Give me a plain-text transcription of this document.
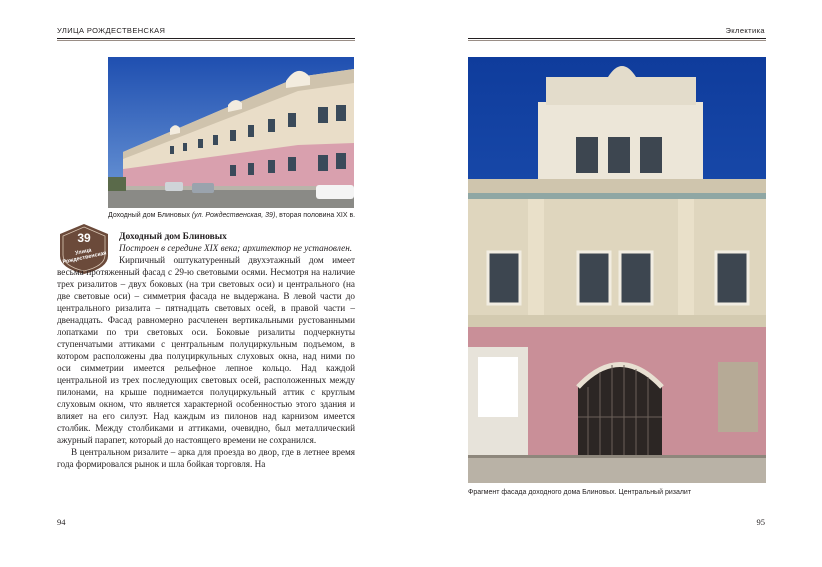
УЛИЦА РОЖДЕСТВЕНСКАЯ
Доходный дом Блиновых (ул. Рождественская, 39), вторая половина XIX в.
39
Улица Рождественская
Доходный дом Блиновых
Построен в середине XIX века; архитектор не установлен.

Кирпичный оштукатуренный двухэтажный дом имеет весьма протяженный фасад с 29-ю световыми осями. Несмотря на наличие трех ризалитов – двух боковых (на три световых оси) и центрального (на две световые оси) – симметрия фасада не выдержана. В левой части до центрального ризалита – пятнадцать световых осей, в правой части – двенадцать. Фасад равномерно расчленен вертикальными рустованными лопатками по три световых оси. Боковые ризалиты подчеркнуты ступенчатыми аттиками с центральным полуциркульным подъемом, в котором расположены два полуциркульных слуховых окна, над ними по оси симметрии имеется рельефное лепное кольцо. Над каждой центральной из трех последующих световых осей, расположенных между пилонами, на крыше поднимается полуциркульный аттик с круглым слуховым окном, что является характерной особенностью этого здания и влияет на его силуэт. Над каждым из пилонов над карнизом имеется столбик. Между столбиками и аттиками, очевидно, был металлический ажурный парапет, который до настоящего времени не сохранился.

В центральном ризалите – арка для проезда во двор, где в летнее время года формировался рынок и шла бойкая торговля. На

94
Эклектика
Фрагмент фасада доходного дома Блиновых. Центральный ризалит
95
